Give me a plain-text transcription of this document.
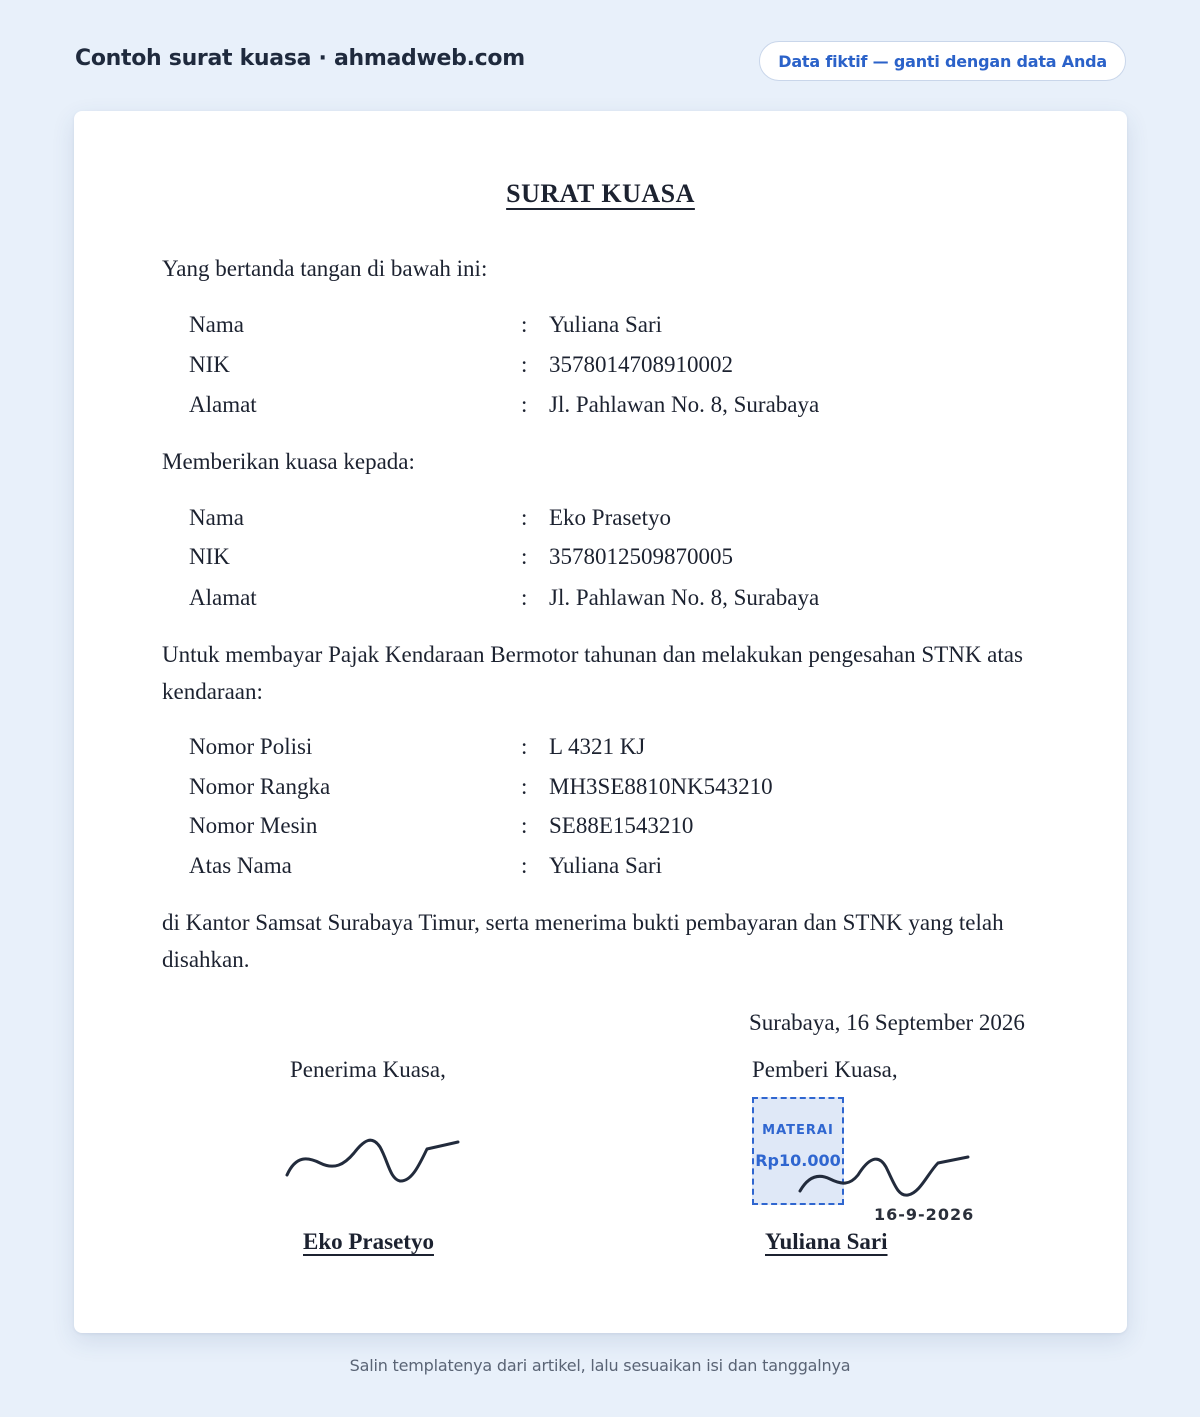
Contoh surat kuasa · ahmadweb.com	Data fiktif — ganti dengan data Anda
SURAT KUASA
Yang bertanda tangan di bawah ini:
Nama	: Yuliana Sari
NIK	: 3578014708910002
Alamat	: Jl. Pahlawan No. 8, Surabaya
Memberikan kuasa kepada:
Nama	: Eko Prasetyo
NIK	: 3578012509870005
Alamat	: Jl. Pahlawan No. 8, Surabaya
Untuk membayar Pajak Kendaraan Bermotor tahunan dan melakukan pengesahan STNK atas kendaraan:
Nomor Polisi	: L 4321 KJ
Nomor Rangka	: MH3SE8810NK543210
Nomor Mesin	: SE88E1543210
Atas Nama	: Yuliana Sari
di Kantor Samsat Surabaya Timur, serta menerima bukti pembayaran dan STNK yang telah disahkan.
Surabaya, 16 September 2026
Penerima Kuasa,	Pemberi Kuasa,
MATERAI
Rp10.000
16-9-2026
Eko Prasetyo	Yuliana Sari
Salin templatenya dari artikel, lalu sesuaikan isi dan tanggalnya
